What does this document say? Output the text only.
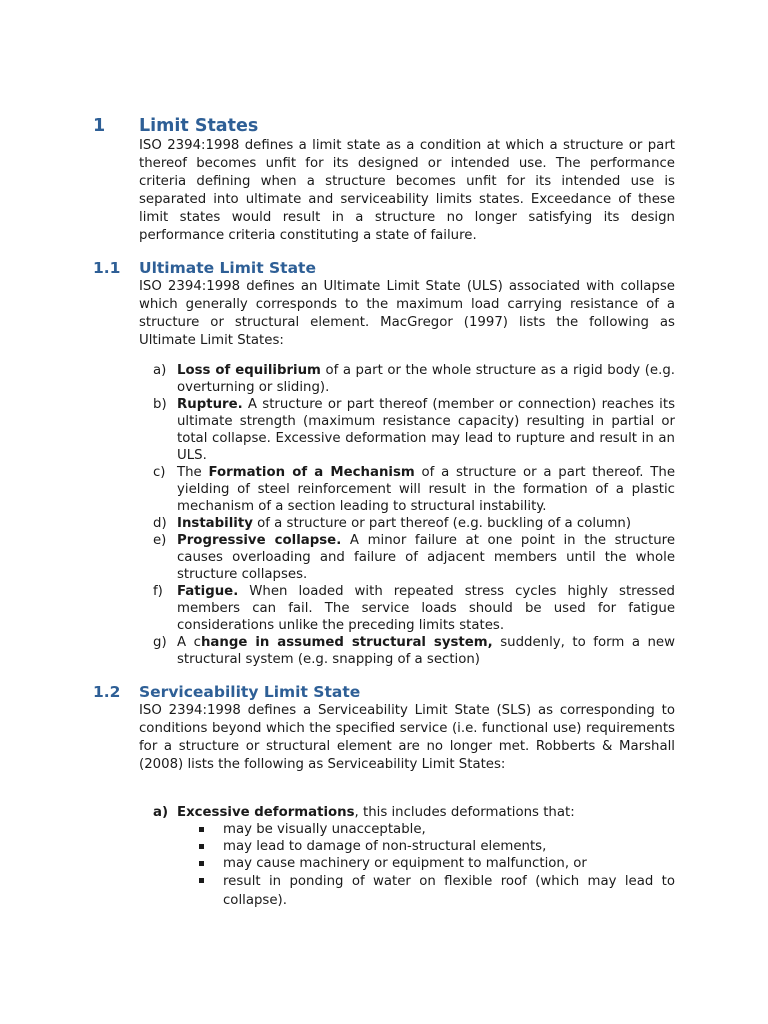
1 Limit States
ISO 2394:1998 defines a limit state as a condition at which a structure or part thereof becomes unfit for its designed or intended use. The performance criteria defining when a structure becomes unfit for its intended use is separated into ultimate and serviceability limits states. Exceedance of these limit states would result in a structure no longer satisfying its design performance criteria constituting a state of failure.
1.1 Ultimate Limit State
ISO 2394:1998 defines an Ultimate Limit State (ULS) associated with collapse which generally corresponds to the maximum load carrying resistance of a structure or structural element. MacGregor (1997) lists the following as Ultimate Limit States:
a) Loss of equilibrium of a part or the whole structure as a rigid body (e.g. overturning or sliding).
b) Rupture. A structure or part thereof (member or connection) reaches its ultimate strength (maximum resistance capacity) resulting in partial or total collapse. Excessive deformation may lead to rupture and result in an ULS.
c) The Formation of a Mechanism of a structure or a part thereof. The yielding of steel reinforcement will result in the formation of a plastic mechanism of a section leading to structural instability.
d) Instability of a structure or part thereof (e.g. buckling of a column)
e) Progressive collapse. A minor failure at one point in the structure causes overloading and failure of adjacent members until the whole structure collapses.
f) Fatigue. When loaded with repeated stress cycles highly stressed members can fail. The service loads should be used for fatigue considerations unlike the preceding limits states.
g) A change in assumed structural system, suddenly, to form a new structural system (e.g. snapping of a section)
1.2 Serviceability Limit State
ISO 2394:1998 defines a Serviceability Limit State (SLS) as corresponding to conditions beyond which the specified service (i.e. functional use) requirements for a structure or structural element are no longer met. Robberts & Marshall (2008) lists the following as Serviceability Limit States:
a) Excessive deformations, this includes deformations that:
may be visually unacceptable,
may lead to damage of non-structural elements,
may cause machinery or equipment to malfunction, or
result in ponding of water on flexible roof (which may lead to collapse).
